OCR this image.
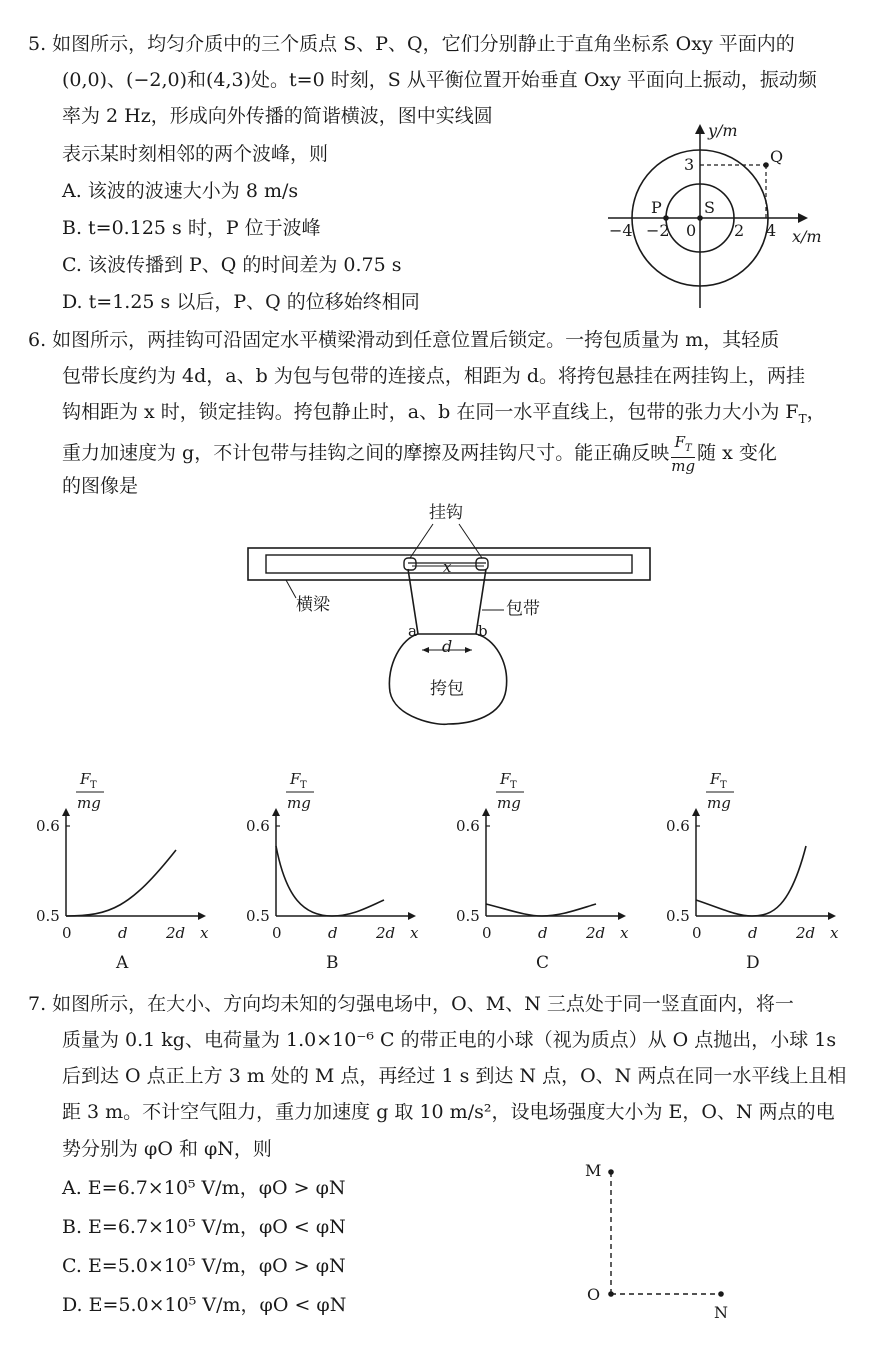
5. 如图所示，均匀介质中的三个质点 S、P、Q，它们分别静止于直角坐标系 Oxy 平面内的
(0,0)、(−2,0)和(4,3)处。t=0 时刻，S 从平衡位置开始垂直 Oxy 平面向上振动，振动频
率为 2 Hz，形成向外传播的简谐横波，图中实线圆
表示某时刻相邻的两个波峰，则
A. 该波的波速大小为 8 m/s
B. t=0.125 s 时，P 位于波峰
C. 该波传播到 P、Q 的时间差为 0.75 s
D. t=1.25 s 以后，P、Q 的位移始终相同
y/m
x/m
Q
P	S
3
−4 −2 0 2 4
6. 如图所示，两挂钩可沿固定水平横梁滑动到任意位置后锁定。一挎包质量为 m，其轻质
包带长度约为 4d，a、b 为包与包带的连接点，相距为 d。将挎包悬挂在两挂钩上，两挂
钩相距为 x 时，锁定挂钩。挎包静止时，a、b 在同一水平直线上，包带的张力大小为 $F_T$，
重力加速度为 g，不计包带与挂钩之间的摩擦及两挂钩尺寸。能正确反映 $\frac{F_T}{mg}$ 随 x 变化
的图像是
挂钩
横梁	包带
挎包
a	b
x
d
F T
mg
0.6
0.5
0	d	2d x
A
F T
mg
0.6
0.5
0	d	2d x
B
F T
mg
0.6
0.5
0	d	2d x
C
F T
mg
0.6
0.5
0	d	2d x
D
7. 如图所示，在大小、方向均未知的匀强电场中，O、M、N 三点处于同一竖直面内，将一
质量为 0.1 kg、电荷量为 1.0×10⁻⁶ C 的带正电的小球（视为质点）从 O 点抛出，小球 1s
后到达 O 点正上方 3 m 处的 M 点，再经过 1 s 到达 N 点，O、N 两点在同一水平线上且相
距 3 m。不计空气阻力，重力加速度 g 取 10 m/s²，设电场强度大小为 E，O、N 两点的电
势分别为 φO 和 φN，则
A. E=6.7×10⁵ V/m，φO > φN
B. E=6.7×10⁵ V/m，φO < φN
C. E=5.0×10⁵ V/m，φO > φN
D. E=5.0×10⁵ V/m，φO < φN
M
O
N
